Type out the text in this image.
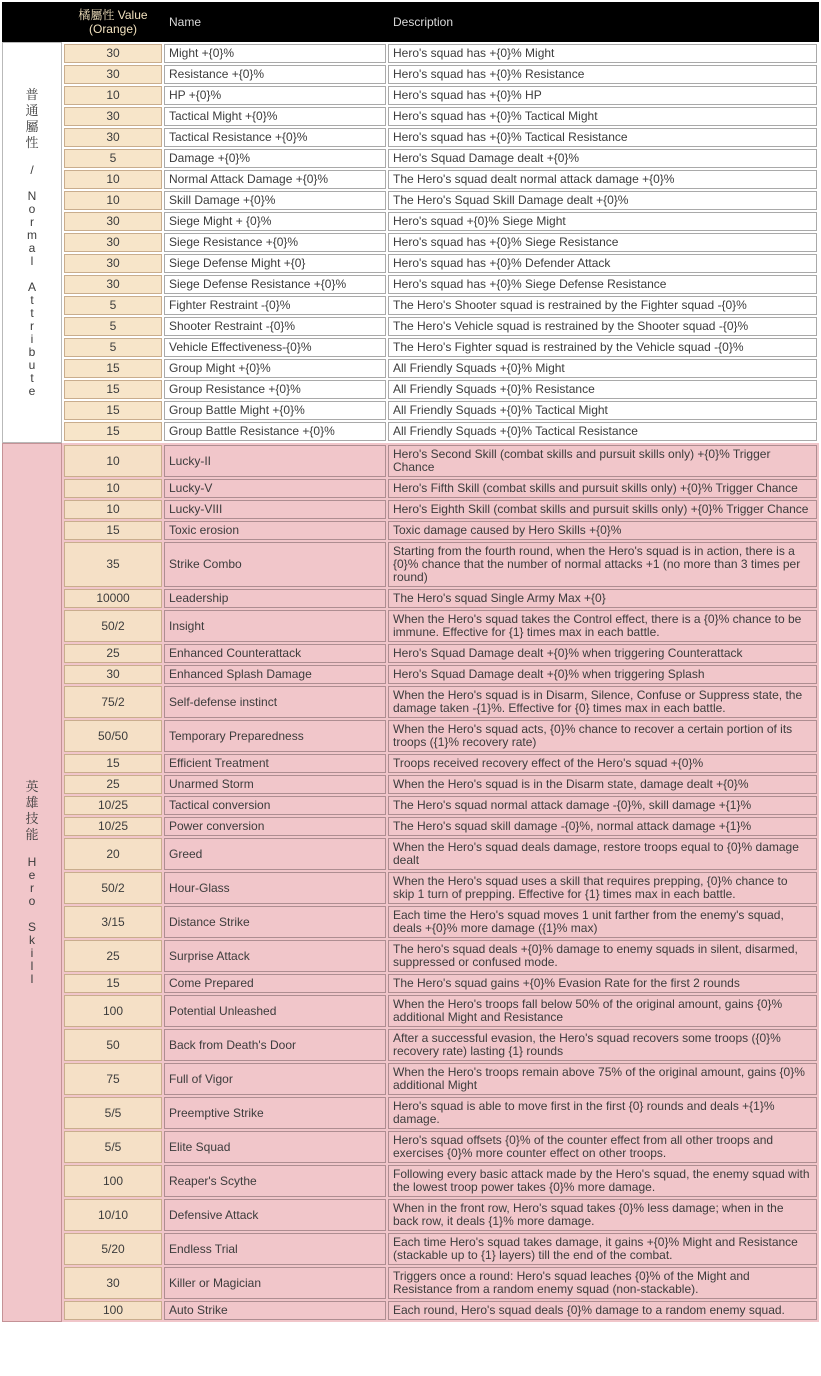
橘屬性 Value
(Orange)	Name	Description
普
通
屬
性
/
N
o
r
m
a
l
A
t
t
r
i
b
u
t
e
30	Might +{0}%	Hero's squad has +{0}% Might
30	Resistance +{0}%	Hero's squad has +{0}% Resistance
10	HP +{0}%	Hero's squad has +{0}% HP
30	Tactical Might +{0}%	Hero's squad has +{0}% Tactical Might
30	Tactical Resistance +{0}%	Hero's squad has +{0}% Tactical Resistance
5	Damage +{0}%	Hero's Squad Damage dealt +{0}%
10	Normal Attack Damage +{0}%	The Hero's squad dealt normal attack damage +{0}%
10	Skill Damage +{0}%	The Hero's Squad Skill Damage dealt +{0}%
30	Siege Might + {0}%	Hero's squad +{0}% Siege Might
30	Siege Resistance +{0}%	Hero's squad has +{0}% Siege Resistance
30	Siege Defense Might +{0}	Hero's squad has +{0}% Defender Attack
30	Siege Defense Resistance +{0}%	Hero's squad has +{0}% Siege Defense Resistance
5	Fighter Restraint -{0}%	The Hero's Shooter squad is restrained by the Fighter squad -{0}%
5	Shooter Restraint -{0}%	The Hero's Vehicle squad is restrained by the Shooter squad -{0}%
5	Vehicle Effectiveness-{0}%	The Hero's Fighter squad is restrained by the Vehicle squad -{0}%
15	Group Might +{0}%	All Friendly Squads +{0}% Might
15	Group Resistance +{0}%	All Friendly Squads +{0}% Resistance
15	Group Battle Might +{0}%	All Friendly Squads +{0}% Tactical Might
15	Group Battle Resistance +{0}%	All Friendly Squads +{0}% Tactical Resistance
英
雄
技
能
H
e
r
o
S
k
i
l
l
10	Lucky-II	Hero's Second Skill (combat skills and pursuit skills only) +{0}% Trigger Chance
10	Lucky-V	Hero's Fifth Skill (combat skills and pursuit skills only) +{0}% Trigger Chance
10	Lucky-VIII	Hero's Eighth Skill (combat skills and pursuit skills only) +{0}% Trigger Chance
15	Toxic erosion	Toxic damage caused by Hero Skills +{0}%
35	Strike Combo	Starting from the fourth round, when the Hero's squad is in action, there is a {0}% chance that the number of normal attacks +1 (no more than 3 times per round)
10000	Leadership	The Hero's squad Single Army Max +{0}
50/2	Insight	When the Hero's squad takes the Control effect, there is a {0}% chance to be immune. Effective for {1} times max in each battle.
25	Enhanced Counterattack	Hero's Squad Damage dealt +{0}% when triggering Counterattack
30	Enhanced Splash Damage	Hero's Squad Damage dealt +{0}% when triggering Splash
75/2	Self-defense instinct	When the Hero's squad is in Disarm, Silence, Confuse or Suppress state, the damage taken -{1}%. Effective for {0} times max in each battle.
50/50	Temporary Preparedness	When the Hero's squad acts, {0}% chance to recover a certain portion of its troops ({1}% recovery rate)
15	Efficient Treatment	Troops received recovery effect of the Hero's squad +{0}%
25	Unarmed Storm	When the Hero's squad is in the Disarm state, damage dealt +{0}%
10/25	Tactical conversion	The Hero's squad normal attack damage -{0}%, skill damage +{1}%
10/25	Power conversion	The Hero's squad skill damage -{0}%, normal attack damage +{1}%
20	Greed	When the Hero's squad deals damage, restore troops equal to {0}% damage dealt
50/2	Hour-Glass	When the Hero's squad uses a skill that requires prepping, {0}% chance to skip 1 turn of prepping. Effective for {1} times max in each battle.
3/15	Distance Strike	Each time the Hero's squad moves 1 unit farther from the enemy's squad, deals +{0}% more damage ({1}% max)
25	Surprise Attack	The hero's squad deals +{0}% damage to enemy squads in silent, disarmed, suppressed or confused mode.
15	Come Prepared	The Hero's squad gains +{0}% Evasion Rate for the first 2 rounds
100	Potential Unleashed	When the Hero's troops fall below 50% of the original amount, gains {0}% additional Might and Resistance
50	Back from Death's Door	After a successful evasion, the Hero's squad recovers some troops ({0}% recovery rate) lasting {1} rounds
75	Full of Vigor	When the Hero's troops remain above 75% of the original amount, gains {0}% additional Might
5/5	Preemptive Strike	Hero's squad is able to move first in the first {0} rounds and deals +{1}% damage.
5/5	Elite Squad	Hero's squad offsets {0}% of the counter effect from all other troops and exercises {0}% more counter effect on other troops.
100	Reaper's Scythe	Following every basic attack made by the Hero's squad, the enemy squad with the lowest troop power takes {0}% more damage.
10/10	Defensive Attack	When in the front row, Hero's squad takes {0}% less damage; when in the back row, it deals {1}% more damage.
5/20	Endless Trial	Each time Hero's squad takes damage, it gains +{0}% Might and Resistance (stackable up to {1} layers) till the end of the combat.
30	Killer or Magician	Triggers once a round: Hero's squad leaches {0}% of the Might and Resistance from a random enemy squad (non-stackable).
100	Auto Strike	Each round, Hero's squad deals {0}% damage to a random enemy squad.
